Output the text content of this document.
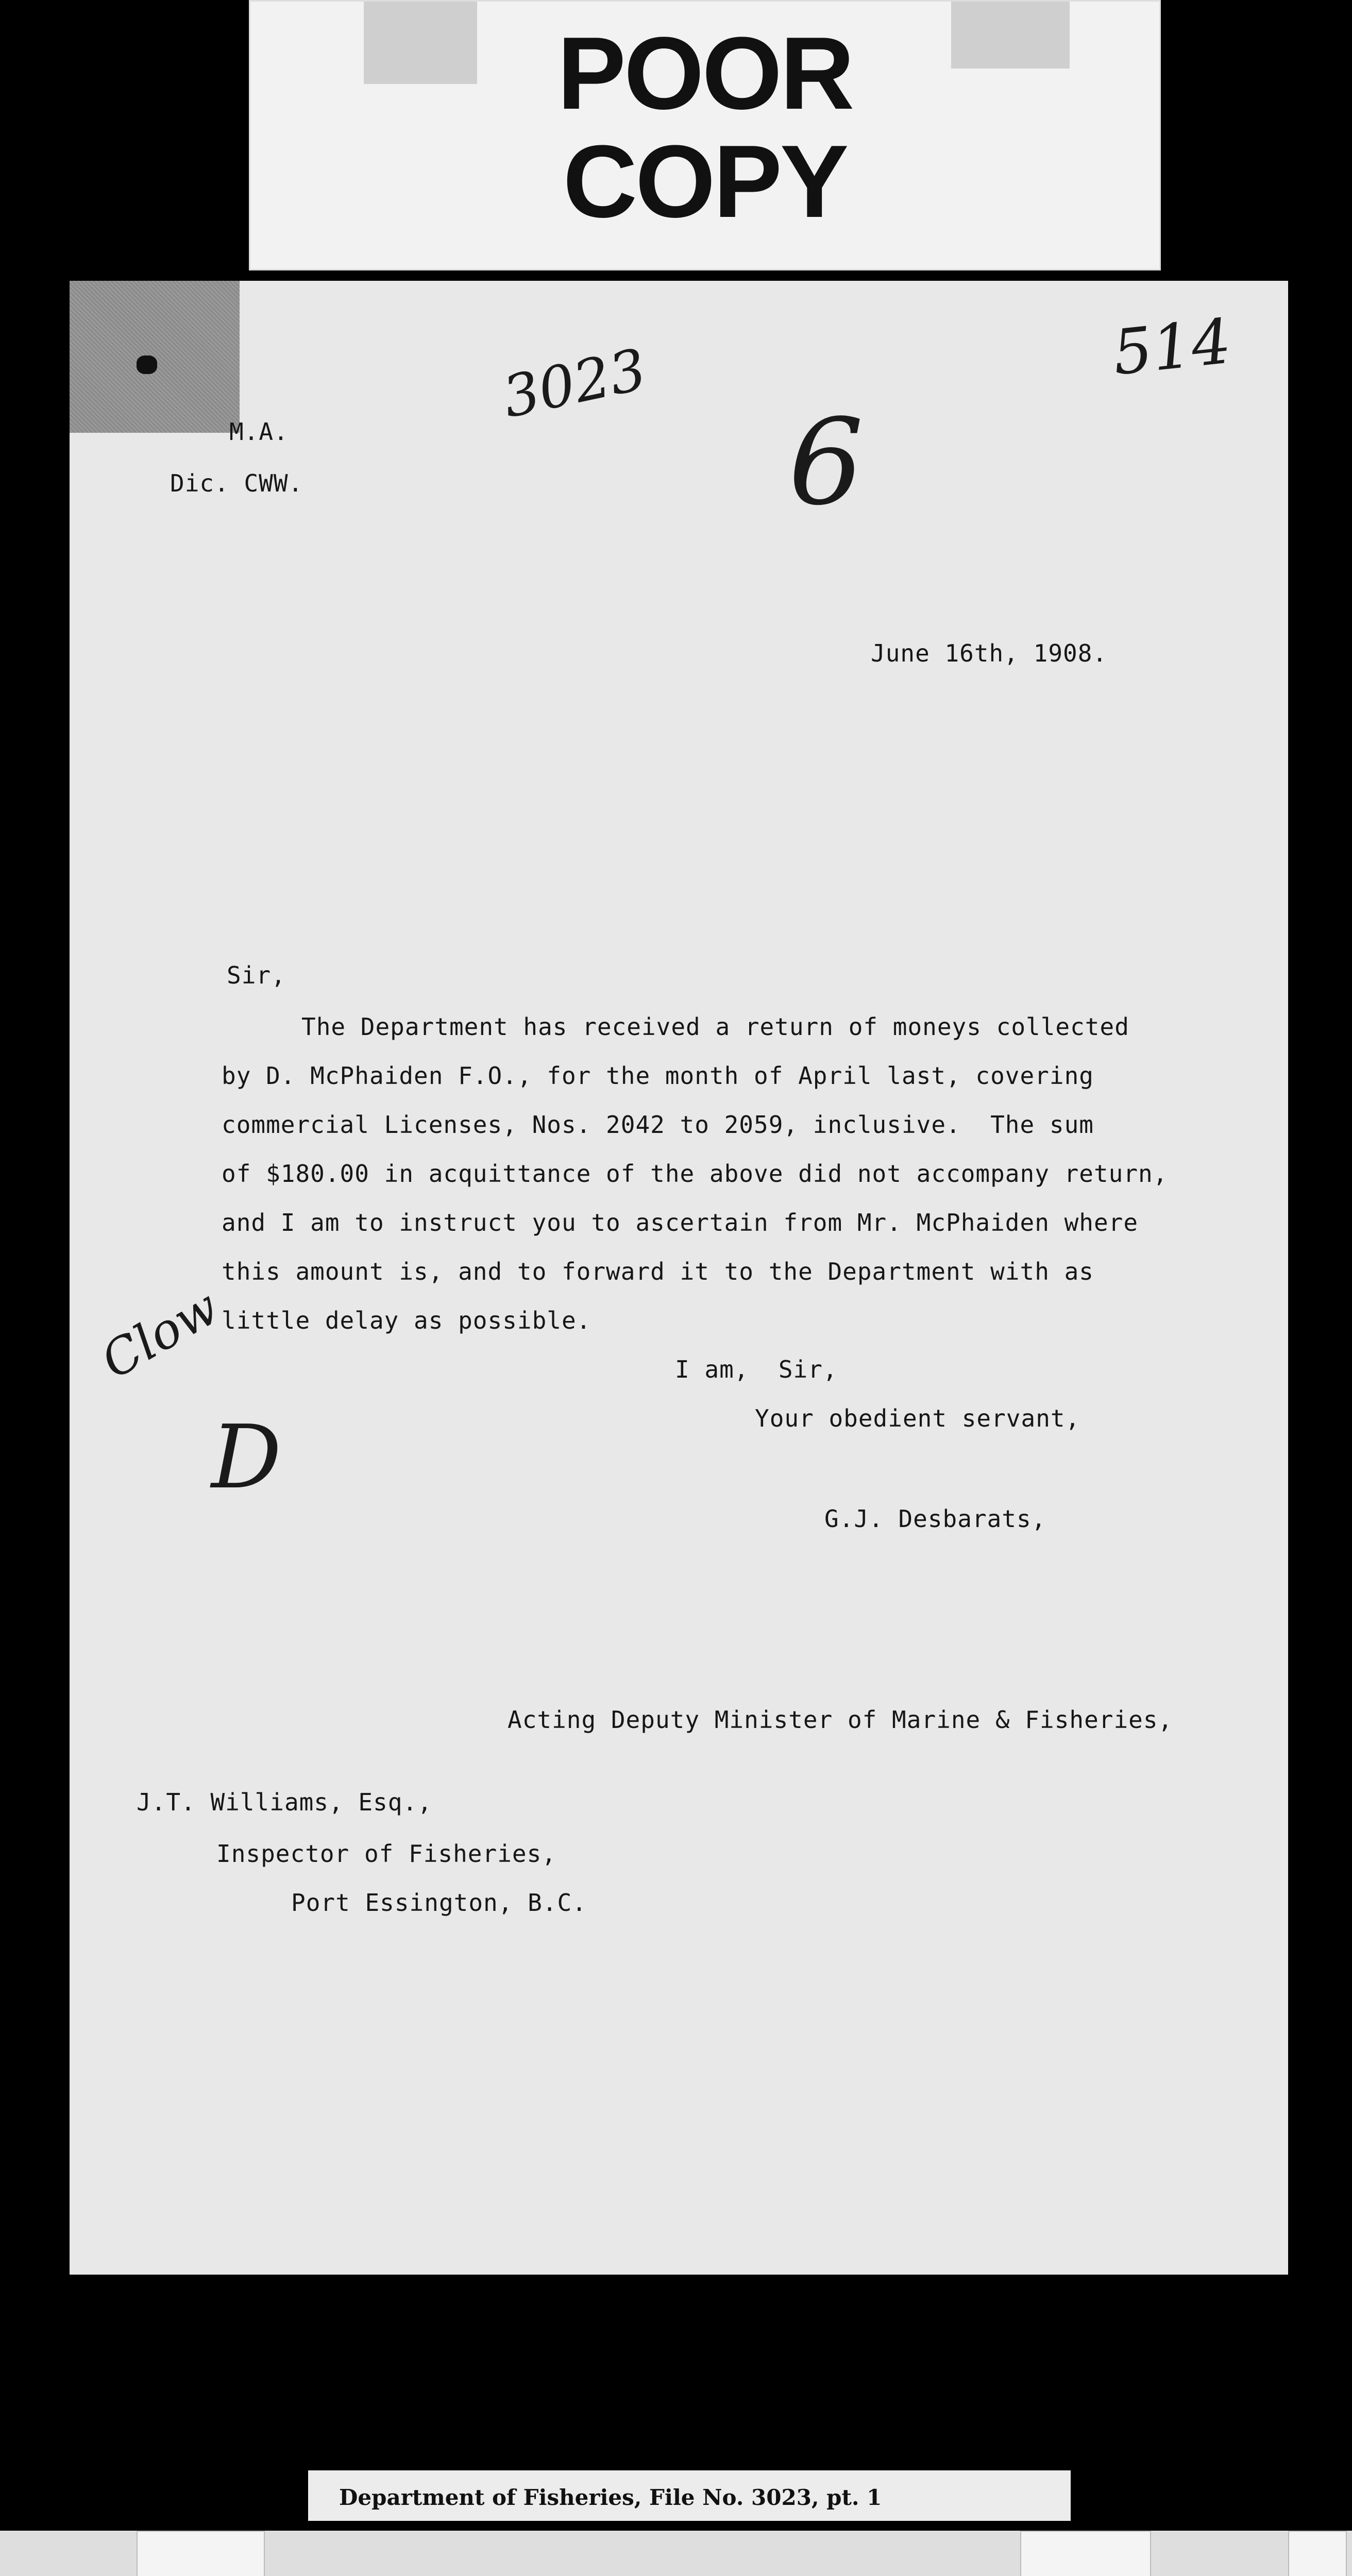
POOR
COPY
3023	514
6
M.A.
Dic. CWW.
June 16th, 1908.
Sir,
The Department has received a return of moneys collected
by D. McPhaiden F.O., for the month of April last, covering
commercial Licenses, Nos. 2042 to 2059, inclusive.  The sum
of $180.00 in acquittance of the above did not accompany return,
and I am to instruct you to ascertain from Mr. McPhaiden where
this amount is, and to forward it to the Department with as
little delay as possible.
Clow
D
I am,  Sir,
Your obedient servant,
G.J. Desbarats,
Acting Deputy Minister of Marine & Fisheries,
J.T. Williams, Esq.,
Inspector of Fisheries,
Port Essington, B.C.
Department of Fisheries, File No. 3023, pt. 1
